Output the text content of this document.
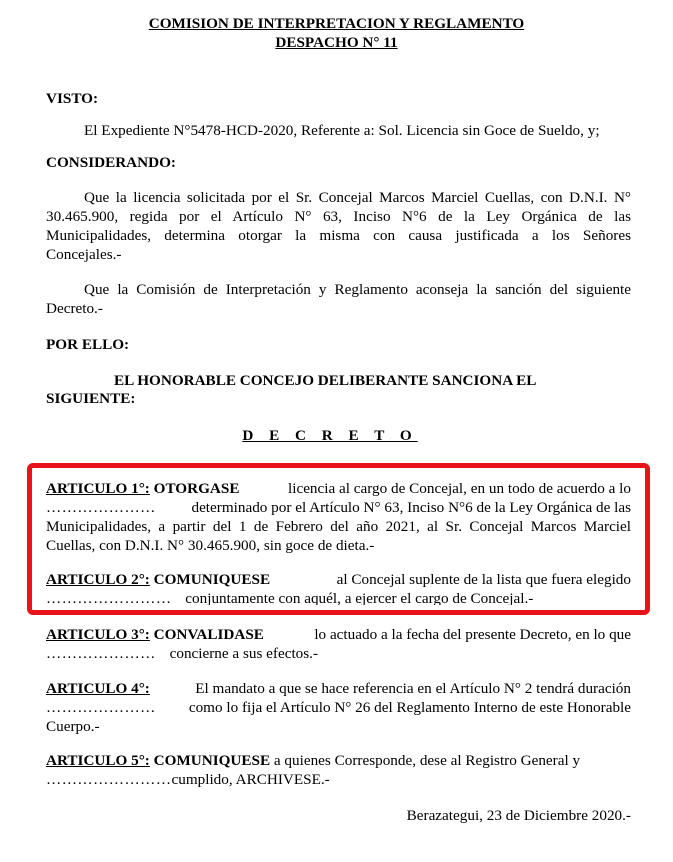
COMISION DE INTERPRETACION Y REGLAMENTO
DESPACHO N° 11
VISTO:
El Expediente N°5478-HCD-2020, Referente a: Sol. Licencia sin Goce de Sueldo, y;
CONSIDERANDO:
Que la licencia solicitada por el Sr. Concejal Marcos Marciel Cuellas, con D.N.I. N°
30.465.900, regida por el Artículo N° 63, Inciso N°6 de la Ley Orgánica de las
Municipalidades, determina otorgar la misma con causa justificada a los Señores
Concejales.-
Que la Comisión de Interpretación y Reglamento aconseja la sanción del siguiente
Decreto.-
POR ELLO:
EL HONORABLE CONCEJO DELIBERANTE SANCIONA EL
SIGUIENTE:
D E C R E T O
ARTICULO 1°: OTORGASE	licencia al cargo de Concejal, en un todo de acuerdo a lo
………………… determinado por el Artículo N° 63, Inciso N°6 de la Ley Orgánica de las
Municipalidades, a partir del 1 de Febrero del año 2021, al Sr. Concejal Marcos Marciel
Cuellas, con D.N.I. N° 30.465.900, sin goce de dieta.-
ARTICULO 2°: COMUNIQUESE	al Concejal suplente de la lista que fuera elegido
…………………… conjuntamente con aquél, a ejercer el cargo de Concejal.-
ARTICULO 3°: CONVALIDASE	lo actuado a la fecha del presente Decreto, en lo que
………………… concierne a sus efectos.-
ARTICULO 4°:	El mandato a que se hace referencia en el Artículo N° 2 tendrá duración
………………… como lo fija el Artículo N° 26 del Reglamento Interno de este Honorable
Cuerpo.-
ARTICULO 5°: COMUNIQUESE a quienes Corresponde, dese al Registro General y
……………………cumplido, ARCHIVESE.-
Berazategui, 23 de Diciembre 2020.-
